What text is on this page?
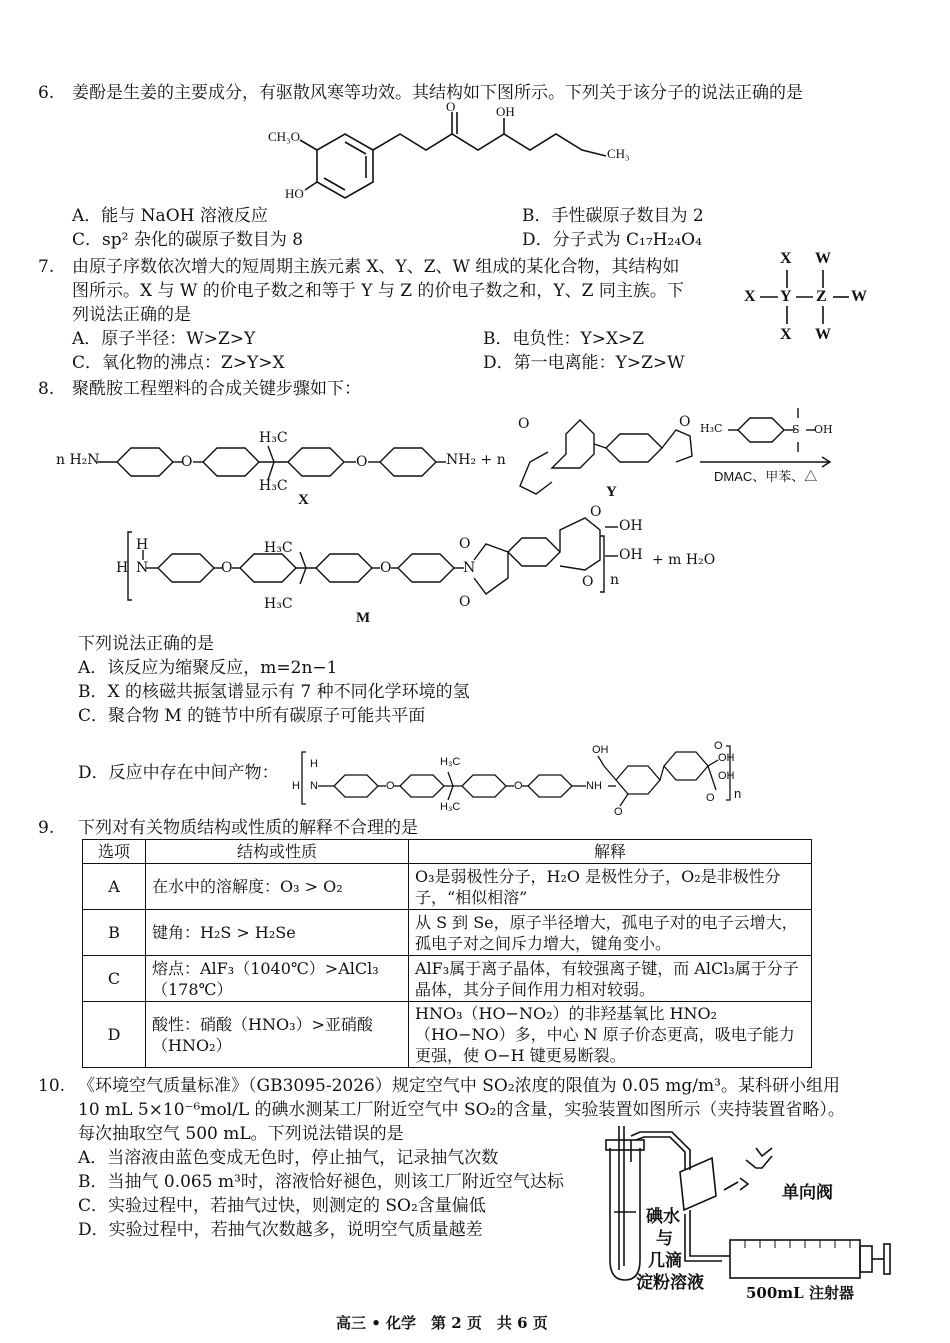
6. 姜酚是生姜的主要成分，有驱散风寒等功效。其结构如下图所示。下列关于该分子的说法正确的是
CH₃O
HO
O	OH
CH₃
A．能与 NaOH 溶液反应	B．手性碳原子数目为 2
C．sp² 杂化的碳原子数目为 8	D．分子式为 C₁₇H₂₄O₄
7. 由原子序数依次增大的短周期主族元素 X、Y、Z、W 组成的某化合物，其结构如
图所示。X 与 W 的价电子数之和等于 Y 与 Z 的价电子数之和，Y、Z 同主族。下
列说法正确的是
X W
X Y Z W
X W
A．原子半径：W>Z>Y	B．电负性：Y>X>Z
C．氧化物的沸点：Z>Y>X	D．第一电离能：Y>Z>W
8. 聚酰胺工程塑料的合成关键步骤如下：
n H₂N	O
H₃C
H₃C
O	NH₂ + n
X	Y
O	O H₃C	S OH
DMAC、甲苯、△
H
H N	O
H₃C
H₃C
O	N
O
O
O
OH
OH
O n
+ m H₂O
M
下列说法正确的是
A．该反应为缩聚反应，m=2n−1
B．X 的核磁共振氢谱显示有 7 种不同化学环境的氢
C．聚合物 M 的链节中所有碳原子可能共平面
D．反应中存在中间产物：	H
H N	O
H₃C
H₃C
O	NH
OH
O
O
OH
OH
O n
9. 下列对有关物质结构或性质的解释不合理的是
选项	结构或性质	解释
A	在水中的溶解度：O₃ > O₂	O₃是弱极性分子，H₂O 是极性分子，O₂是非极性分子，“相似相溶”
B	键角：H₂S > H₂Se	从 S 到 Se，原子半径增大，孤电子对的电子云增大，孤电子对之间斥力增大，键角变小。
C	熔点：AlF₃（1040℃）>AlCl₃（178℃）	AlF₃属于离子晶体，有较强离子键，而 AlCl₃属于分子晶体，其分子间作用力相对较弱。
D	酸性：硝酸（HNO₃）>亚硝酸（HNO₂）	HNO₃（HO−NO₂）的非羟基氧比 HNO₂（HO−NO）多，中心 N 原子价态更高，吸电子能力更强，使 O−H 键更易断裂。
10. 《环境空气质量标准》（GB3095-2026）规定空气中 SO₂浓度的限值为 0.05 mg/m³。某科研小组用
10 mL 5×10⁻⁶mol/L 的碘水测某工厂附近空气中 SO₂的含量，实验装置如图所示（夹持装置省略）。
每次抽取空气 500 mL。下列说法错误的是
A．当溶液由蓝色变成无色时，停止抽气，记录抽气次数
B．当抽气 0.065 m³时，溶液恰好褪色，则该工厂附近空气达标
C．实验过程中，若抽气过快，则测定的 SO₂含量偏低
D．实验过程中，若抽气次数越多，说明空气质量越差
单向阀
碘水
与
几滴
淀粉溶液	500mL 注射器
高三 • 化学　第 2 页　共 6 页
